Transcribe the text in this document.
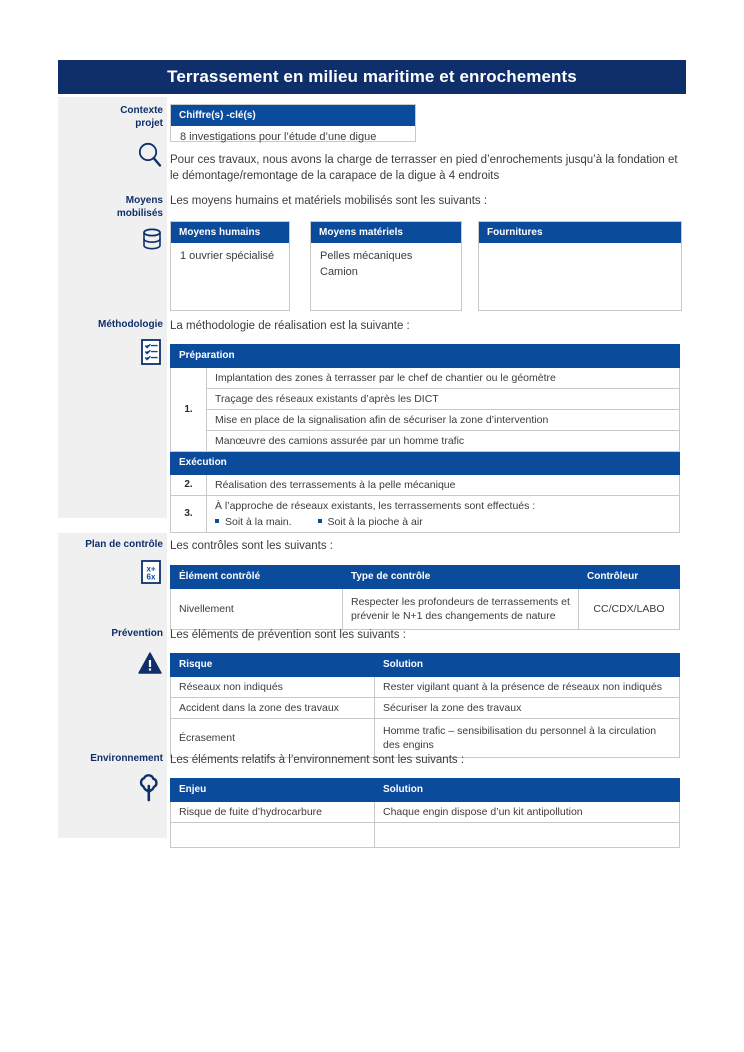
Terrassement en milieu maritime et enrochements
Contexte
projet
Chiffre(s) -clé(s)
8 investigations pour l’étude d’une digue
Pour ces travaux, nous avons la charge de terrasser en pied d’enrochements jusqu’à la fondation et le démontage/remontage de la carapace de la digue à 4 endroits
Moyens
mobilisés
Les moyens humains et matériels mobilisés sont les suivants :
Moyens humains
1 ouvrier spécialisé
Moyens matériels
Pelles mécaniques
Camion
Fournitures
Méthodologie La méthodologie de réalisation est la suivante :
Préparation	
1.	Implantation des zones à terrasser par le chef de chantier ou le géomètre
	Traçage des réseaux existants d’après les DICT
	Mise en place de la signalisation afin de sécuriser la zone d’intervention
	Manœuvre des camions assurée par un homme trafic
Exécution	
2.	Réalisation des terrassements à la pelle mécanique
3.	À l’approche de réseaux existants, les terrassements sont effectués :
Soit à la main. Soit à la pioche à air
Plan de contrôle
x+
6x
Les contrôles sont les suivants :
Élément contrôlé	Type de contrôle	Contrôleur
Nivellement	Respecter les profondeurs de terrassements et prévenir le N+1 des changements de nature	CC/CDX/LABO
Prévention Les éléments de prévention sont les suivants :
Risque	Solution
Réseaux non indiqués	Rester vigilant quant à la présence de réseaux non indiqués
Accident dans la zone des travaux	Sécuriser la zone des travaux
Écrasement	Homme trafic – sensibilisation du personnel à la circulation des engins
Environnement Les éléments relatifs à l’environnement sont les suivants :
Enjeu	Solution
Risque de fuite d’hydrocarbure	Chaque engin dispose d’un kit antipollution
